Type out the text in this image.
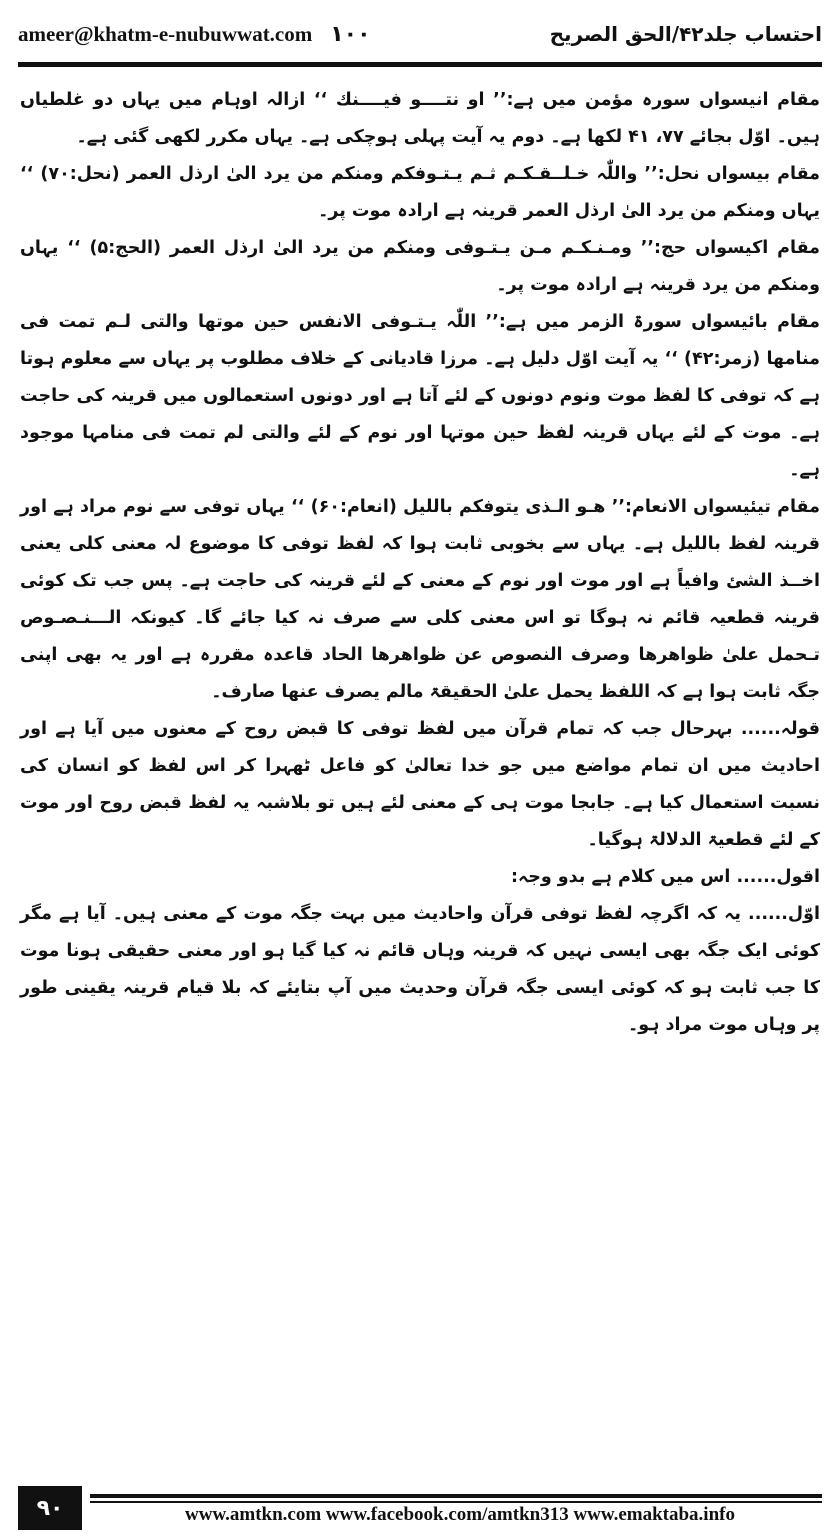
ameer@khatm-e-nubuwwat.com ۱۰۰	احتساب جلد۴۲/الحق الصریح

مقام انیسواں سورہ مؤمن میں ہے:’’ او نتــــو فیــــنك ‘‘ ازالہ اوہام میں یہاں دو غلطیاں ہیں۔ اوّل بجائے ۷۷، ۴۱ لکھا ہے۔ دوم یہ آیت پہلی ہوچکی ہے۔ یہاں مکرر لکھی گئی ہے۔

مقام بیسواں نحل:’’ واللّٰہ خـلــقـکـم ثـم یـتـوفکم ومنکم من یرد الیٰ ارذل العمر (نحل:۷۰) ‘‘ یہاں ومنکم من یرد الیٰ ارذل العمر قرینہ ہے ارادہ موت پر۔

مقام اکیسواں حج:’’ ومـنـکـم مـن یـتـوفی ومنکم من یرد الیٰ ارذل العمر (الحج:۵) ‘‘ یہاں ومنکم من یرد قرینہ ہے ارادہ موت پر۔

مقام بائیسواں سورۃ الزمر میں ہے:’’ اللّٰہ یـتـوفی الانفس حین موتھا والتی لـم تمت فی منامھا (زمر:۴۲) ‘‘ یہ آیت اوّل دلیل ہے۔ مرزا قادیانی کے خلاف مطلوب پر یہاں سے معلوم ہوتا ہے کہ توفی کا لفظ موت ونوم دونوں کے لئے آتا ہے اور دونوں استعمالوں میں قرینہ کی حاجت ہے۔ موت کے لئے یہاں قرینہ لفظ حین موتہا اور نوم کے لئے والتی لم تمت فی منامہا موجود ہے۔

مقام تیئیسواں الانعام:’’ ھـو الـذی یتوفکم باللیل (انعام:۶۰) ‘‘ یہاں توفی سے نوم مراد ہے اور قرینہ لفظ باللیل ہے۔ یہاں سے بخوبی ثابت ہوا کہ لفظ توفی کا موضوع لہ معنی کلی یعنی اخــذ الشئ وافیاً ہے اور موت اور نوم کے معنی کے لئے قرینہ کی حاجت ہے۔ پس جب تک کوئی قرینہ قطعیہ قائم نہ ہوگا تو اس معنی کلی سے صرف نہ کیا جائے گا۔ کیونکہ الـــنـصـوص تـحمل علیٰ ظواھرھا وصرف النصوص عن ظواھرھا الحاد قاعدہ مقررہ ہے اور یہ بھی اپنی جگہ ثابت ہوا ہے کہ اللفظ یحمل علیٰ الحقیقۃ مالم یصرف عنھا صارف۔

قولہ...... بہرحال جب کہ تمام قرآن میں لفظ توفی کا قبض روح کے معنوں میں آیا ہے اور احادیث میں ان تمام مواضع میں جو خدا تعالیٰ کو فاعل ٹھہرا کر اس لفظ کو انسان کی نسبت استعمال کیا ہے۔ جابجا موت ہی کے معنی لئے ہیں تو بلاشبہ یہ لفظ قبض روح اور موت کے لئے قطعیۃ الدلالۃ ہوگیا۔

اقول...... اس میں کلام ہے بدو وجہ:

اوّل...... یہ کہ اگرچہ لفظ توفی قرآن واحادیث میں بہت جگہ موت کے معنی ہیں۔ آیا ہے مگر کوئی ایک جگہ بھی ایسی نہیں کہ قرینہ وہاں قائم نہ کیا گیا ہو اور معنی حقیقی ہونا موت کا جب ثابت ہو کہ کوئی ایسی جگہ قرآن وحدیث میں آپ بتایئے کہ بلا قیام قرینہ یقینی طور پر وہاں موت مراد ہو۔

۹۰	www.amtkn.com www.facebook.com/amtkn313 www.emaktaba.info
